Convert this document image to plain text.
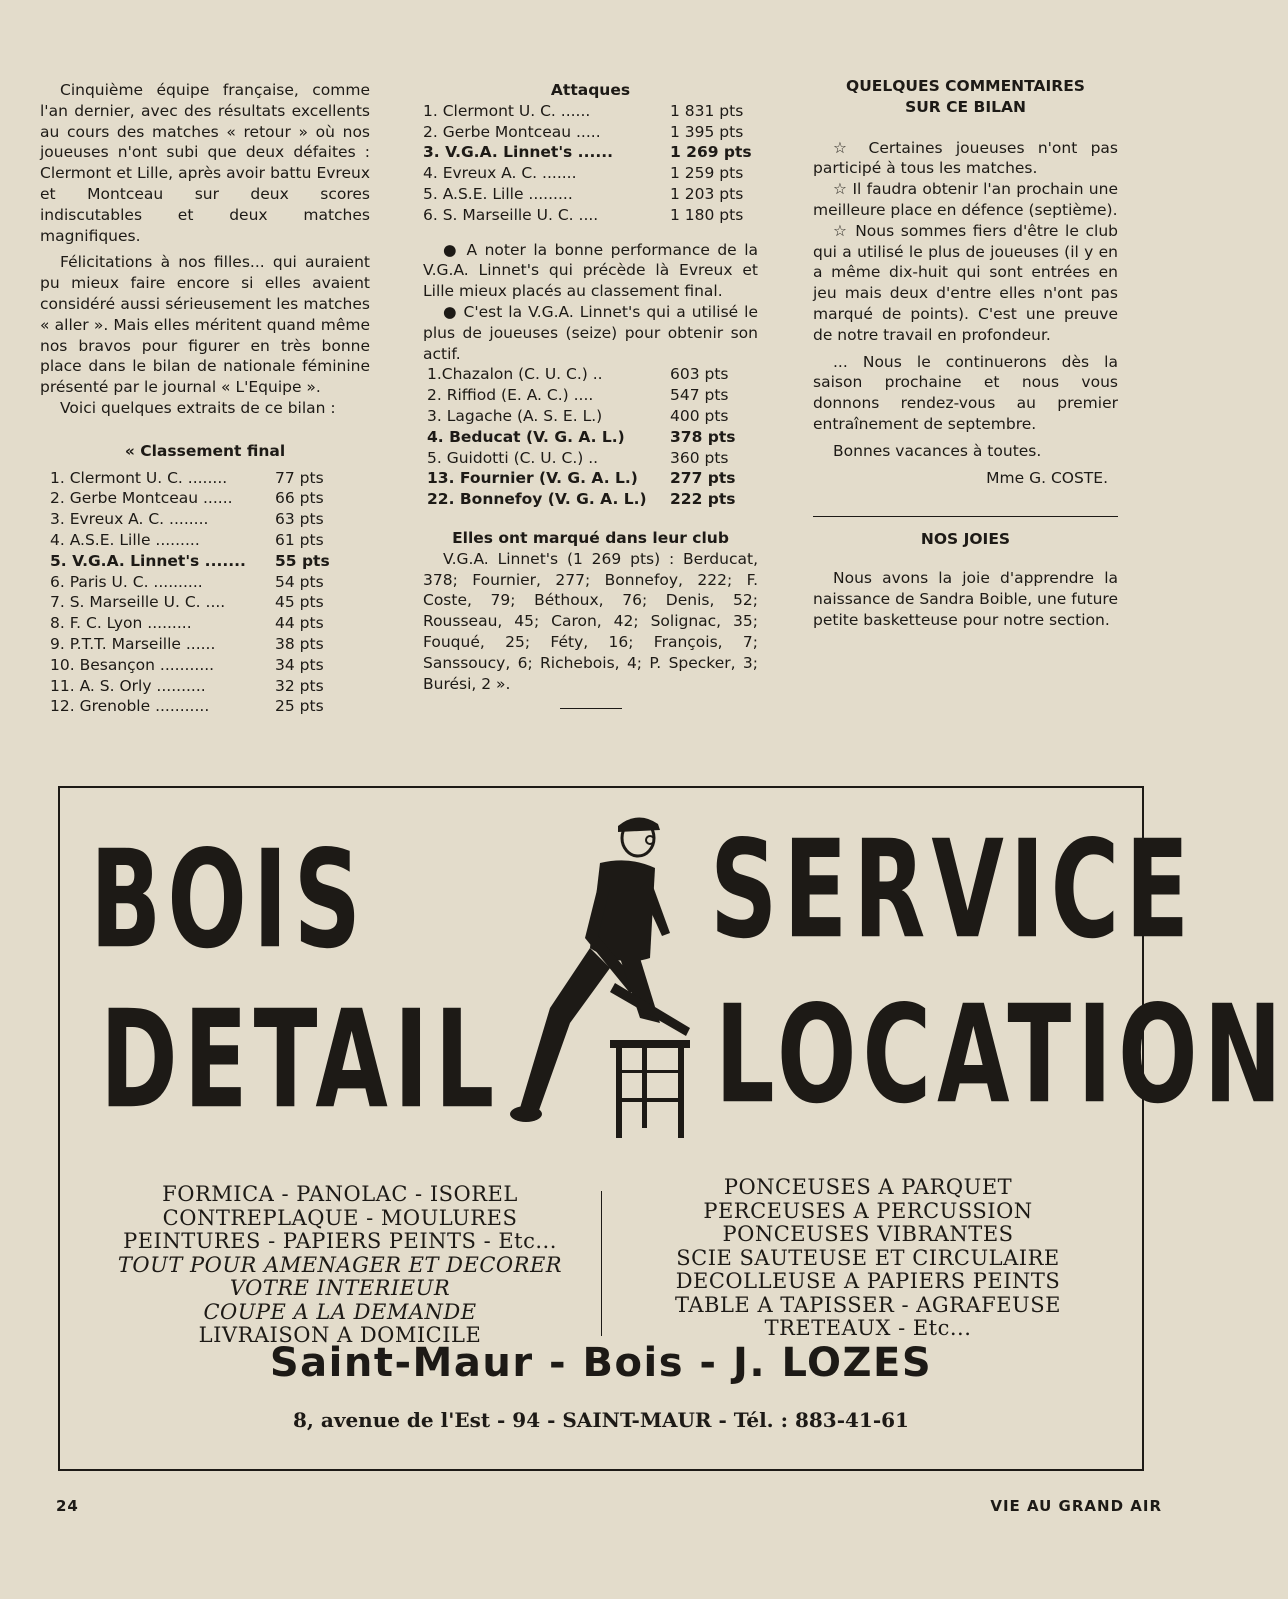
Cinquième équipe française, comme l'an dernier, avec des résultats excellents au cours des matches « retour » où nos joueuses n'ont subi que deux défaites : Clermont et Lille, après avoir battu Evreux et Montceau sur deux scores indiscutables et deux matches magnifiques.

Félicitations à nos filles... qui auraient pu mieux faire encore si elles avaient considéré aussi sérieusement les matches « aller ». Mais elles méritent quand même nos bravos pour figurer en très bonne place dans le bilan de nationale féminine présenté par le journal « L'Equipe ».

Voici quelques extraits de ce bilan :

« Classement final
1. Clermont U. C. ........	77 pts
2. Gerbe Montceau ......	66 pts
3. Evreux A. C. ........	63 pts
4. A.S.E. Lille .........	61 pts
5. V.G.A. Linnet's .......	55 pts
6. Paris U. C. ..........	54 pts
7. S. Marseille U. C. ....	45 pts
8. F. C. Lyon .........	44 pts
9. P.T.T. Marseille ......	38 pts
10. Besançon ...........	34 pts
11. A. S. Orly ..........	32 pts
12. Grenoble ...........	25 pts
Attaques
1. Clermont U. C. ......	1 831 pts
2. Gerbe Montceau .....	1 395 pts
3. V.G.A. Linnet's ......	1 269 pts
4. Evreux A. C. .......	1 259 pts
5. A.S.E. Lille .........	1 203 pts
6. S. Marseille U. C. ....	1 180 pts

● A noter la bonne performance de la V.G.A. Linnet's qui précède là Evreux et Lille mieux placés au classement final.

● C'est la V.G.A. Linnet's qui a utilisé le plus de joueuses (seize) pour obtenir son actif.

1.Chazalon (C. U. C.) ..	603 pts
2. Riffiod (E. A. C.) ....	547 pts
3. Lagache (A. S. E. L.)	400 pts
4. Beducat (V. G. A. L.)	378 pts
5. Guidotti (C. U. C.) ..	360 pts
13. Fournier (V. G. A. L.)	277 pts
22. Bonnefoy (V. G. A. L.)	222 pts
Elles ont marqué dans leur club

V.G.A. Linnet's (1 269 pts) : Berducat, 378; Fournier, 277; Bonnefoy, 222; F. Coste, 79; Béthoux, 76; Denis, 52; Rousseau, 45; Caron, 42; Solignac, 35; Fouqué, 25; Féty, 16; François, 7; Sanssoucy, 6; Richebois, 4; P. Specker, 3; Burési, 2 ».

QUELQUES COMMENTAIRES
SUR CE BILAN

☆ Certaines joueuses n'ont pas participé à tous les matches.

☆ Il faudra obtenir l'an prochain une meilleure place en défence (septième).

☆ Nous sommes fiers d'être le club qui a utilisé le plus de joueuses (il y en a même dix-huit qui sont entrées en jeu mais deux d'entre elles n'ont pas marqué de points). C'est une preuve de notre travail en profondeur.

... Nous le continuerons dès la saison prochaine et nous vous donnons rendez-vous au premier entraînement de septembre.

Bonnes vacances à toutes.

Mme G. COSTE.
NOS JOIES

Nous avons la joie d'apprendre la naissance de Sandra Boible, une future petite basketteuse pour notre section.

BOIS
DETAIL
SERVICE
LOCATION
FORMICA - PANOLAC - ISOREL
CONTREPLAQUE - MOULURES
PEINTURES - PAPIERS PEINTS - Etc...
TOUT POUR AMENAGER ET DECORER
VOTRE INTERIEUR
COUPE A LA DEMANDE
LIVRAISON A DOMICILE
PONCEUSES A PARQUET
PERCEUSES A PERCUSSION
PONCEUSES VIBRANTES
SCIE SAUTEUSE ET CIRCULAIRE
DECOLLEUSE A PAPIERS PEINTS
TABLE A TAPISSER - AGRAFEUSE
TRETEAUX - Etc...
Saint-Maur - Bois - J. LOZES
8, avenue de l'Est - 94 - SAINT-MAUR - Tél. : 883-41-61
24	VIE AU GRAND AIR
